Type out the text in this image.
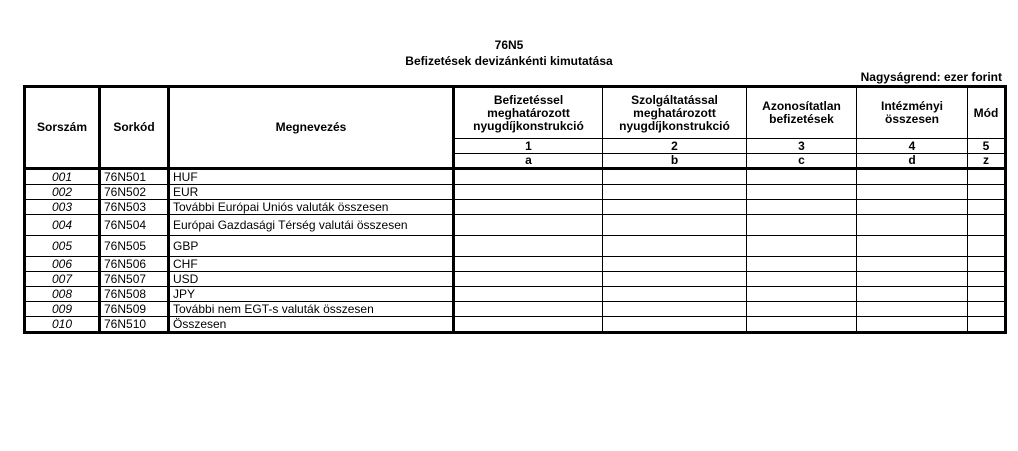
76N5
Befizetések devizánkénti kimutatása
Nagyságrend: ezer forint
Sorszám	Sorkód	Megnevezés	Befizetéssel meghatározott nyugdíjkonstrukció	Szolgáltatással meghatározott nyugdíjkonstrukció	Azonosítatlan befizetések	Intézményi összesen	Mód
			1	2	3	4	5
			a	b	c	d	z
001	76N501	HUF					
002	76N502	EUR					
003	76N503	További Európai Uniós valuták összesen					
004	76N504	Európai Gazdasági Térség valutái összesen					
005	76N505	GBP					
006	76N506	CHF					
007	76N507	USD					
008	76N508	JPY					
009	76N509	További nem EGT-s valuták összesen					
010	76N510	Összesen					
